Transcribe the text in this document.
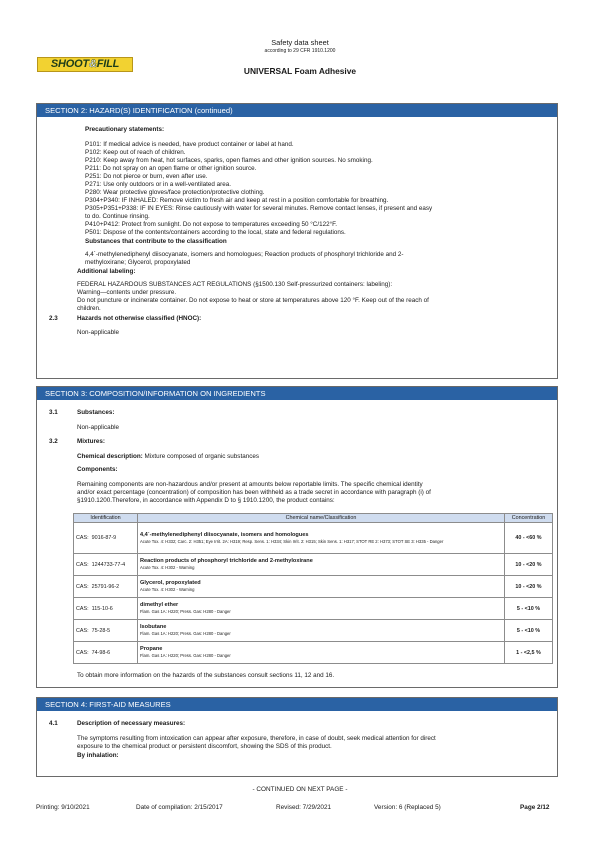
SHOOT&FILL
Safety data sheet
according to 29 CFR 1910.1200
UNIVERSAL Foam Adhesive
SECTION 2: HAZARD(S) IDENTIFICATION (continued)
Precautionary statements:
P101: If medical advice is needed, have product container or label at hand.
P102: Keep out of reach of children.
P210: Keep away from heat, hot surfaces, sparks, open flames and other ignition sources. No smoking.
P211: Do not spray on an open flame or other ignition source.
P251: Do not pierce or burn, even after use.
P271: Use only outdoors or in a well-ventilated area.
P280: Wear protective gloves/face protection/protective clothing.
P304+P340: IF INHALED: Remove victim to fresh air and keep at rest in a position comfortable for breathing.
P305+P351+P338: IF IN EYES: Rinse cautiously with water for several minutes. Remove contact lenses, if present and easy
to do. Continue rinsing.
P410+P412: Protect from sunlight. Do not expose to temperatures exceeding 50 °C/122°F.
P501: Dispose of the contents/containers according to the local, state and federal regulations.
Substances that contribute to the classification
4,4´-methylenediphenyl diisocyanate, isomers and homologues; Reaction products of phosphoryl trichloride and 2-
methyloxirane; Glycerol, propoxylated
Additional labeling:
FEDERAL HAZARDOUS SUBSTANCES ACT REGULATIONS (§1500.130 Self-pressurized containers: labeling):
Warning—contents under pressure.
Do not puncture or incinerate container. Do not expose to heat or store at temperatures above 120 °F. Keep out of the reach of
children.
2.3	Hazards not otherwise classified (HNOC):
Non-applicable
SECTION 3: COMPOSITION/INFORMATION ON INGREDIENTS
3.1	Substances:
Non-applicable
3.2	Mixtures:
Chemical description: Mixture composed of organic substances
Components:
Remaining components are non-hazardous and/or present at amounts below reportable limits. The specific chemical identity
and/or exact percentage (concentration) of composition has been withheld as a trade secret in accordance with paragraph (i) of
§1910.1200.Therefore, in accordance with Appendix D to § 1910.1200, the product contains:
Identification	Chemical name/Classification	Concentration
CAS: 9016-87-9	4,4´-methylenediphenyl diisocyanate, isomers and homologues
Acute Tox. 4: H332; Carc. 2: H351; Eye Irrit. 2A: H319; Resp. Sens. 1: H334; Skin Irrit. 2: H315; Skin Sens. 1: H317; STOT RE 2: H373; STOT SE 3: H335 - Danger	40 - <60 %
CAS: 1244733-77-4	Reaction products of phosphoryl trichloride and 2-methyloxirane
Acute Tox. 4: H302 - Warning	10 - <20 %
CAS: 25791-96-2	Glycerol, propoxylated
Acute Tox. 4: H302 - Warning	10 - <20 %
CAS: 115-10-6	dimethyl ether
Flam. Gas 1A: H220; Press. Gas: H280 - Danger	5 - <10 %
CAS: 75-28-5	Isobutane
Flam. Gas 1A: H220; Press. Gas: H280 - Danger	5 - <10 %
CAS: 74-98-6	Propane
Flam. Gas 1A: H220; Press. Gas: H280 - Danger	1 - <2,5 %
To obtain more information on the hazards of the substances consult sections 11, 12 and 16.
SECTION 4: FIRST-AID MEASURES
4.1	Description of necessary measures:
The symptoms resulting from intoxication can appear after exposure, therefore, in case of doubt, seek medical attention for direct
exposure to the chemical product or persistent discomfort, showing the SDS of this product.
By inhalation:
- CONTINUED ON NEXT PAGE -
Printing: 9/10/2021	Date of compilation: 2/15/2017	Revised: 7/29/2021	Version: 6 (Replaced 5)	Page 2/12
